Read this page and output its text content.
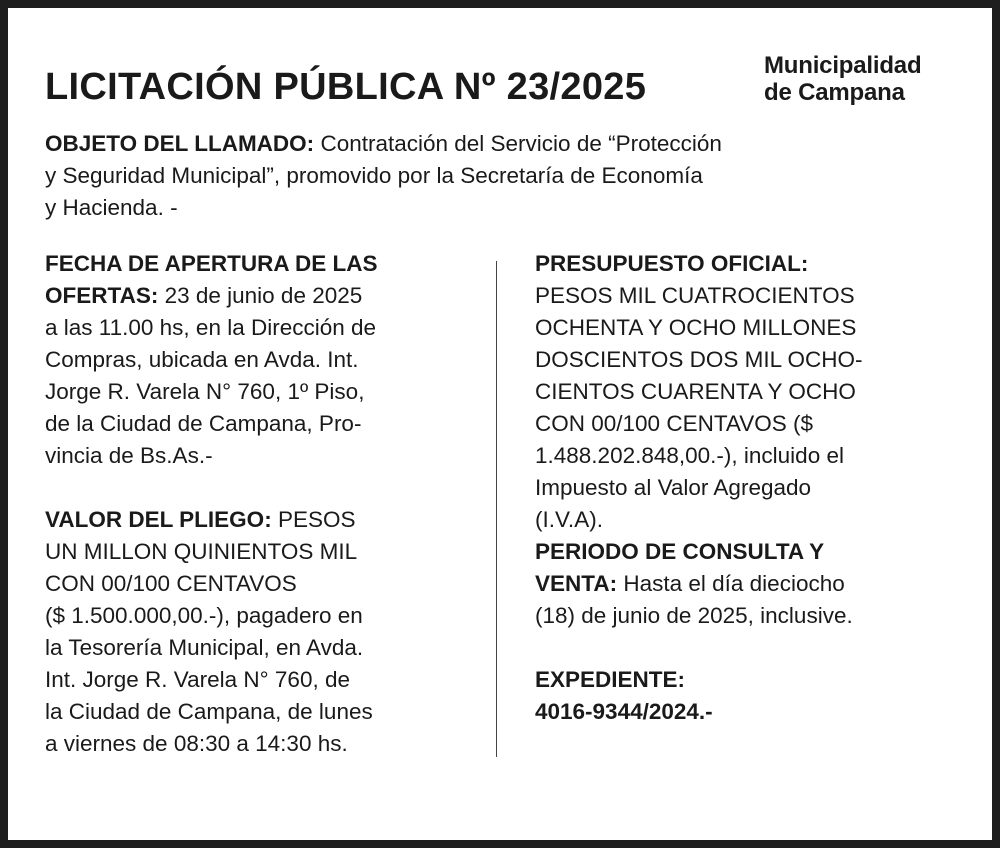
LICITACIÓN PÚBLICA Nº 23/2025
Municipalidad
de Campana

OBJETO DEL LLAMADO: Contratación del Servicio de “Protección

y Seguridad Municipal”, promovido por la Secretaría de Economía

y Hacienda. -

FECHA DE APERTURA DE LAS

OFERTAS: 23 de junio de 2025

a las 11.00 hs, en la Dirección de

Compras, ubicada en Avda. Int.

Jorge R. Varela N° 760, 1º Piso,

de la Ciudad de Campana, Pro-

vincia de Bs.As.-

VALOR DEL PLIEGO: PESOS

UN MILLON QUINIENTOS MIL

CON 00/100 CENTAVOS

($ 1.500.000,00.-), pagadero en

la Tesorería Municipal, en Avda.

Int. Jorge R. Varela N° 760, de

la Ciudad de Campana, de lunes

a viernes de 08:30 a 14:30 hs.

PRESUPUESTO OFICIAL:

PESOS MIL CUATROCIENTOS

OCHENTA Y OCHO MILLONES

DOSCIENTOS DOS MIL OCHO-

CIENTOS CUARENTA Y OCHO

CON 00/100 CENTAVOS ($

1.488.202.848,00.-), incluido el

Impuesto al Valor Agregado

(I.V.A).

PERIODO DE CONSULTA Y

VENTA: Hasta el día dieciocho

(18) de junio de 2025, inclusive.

EXPEDIENTE:

4016-9344/2024.-
